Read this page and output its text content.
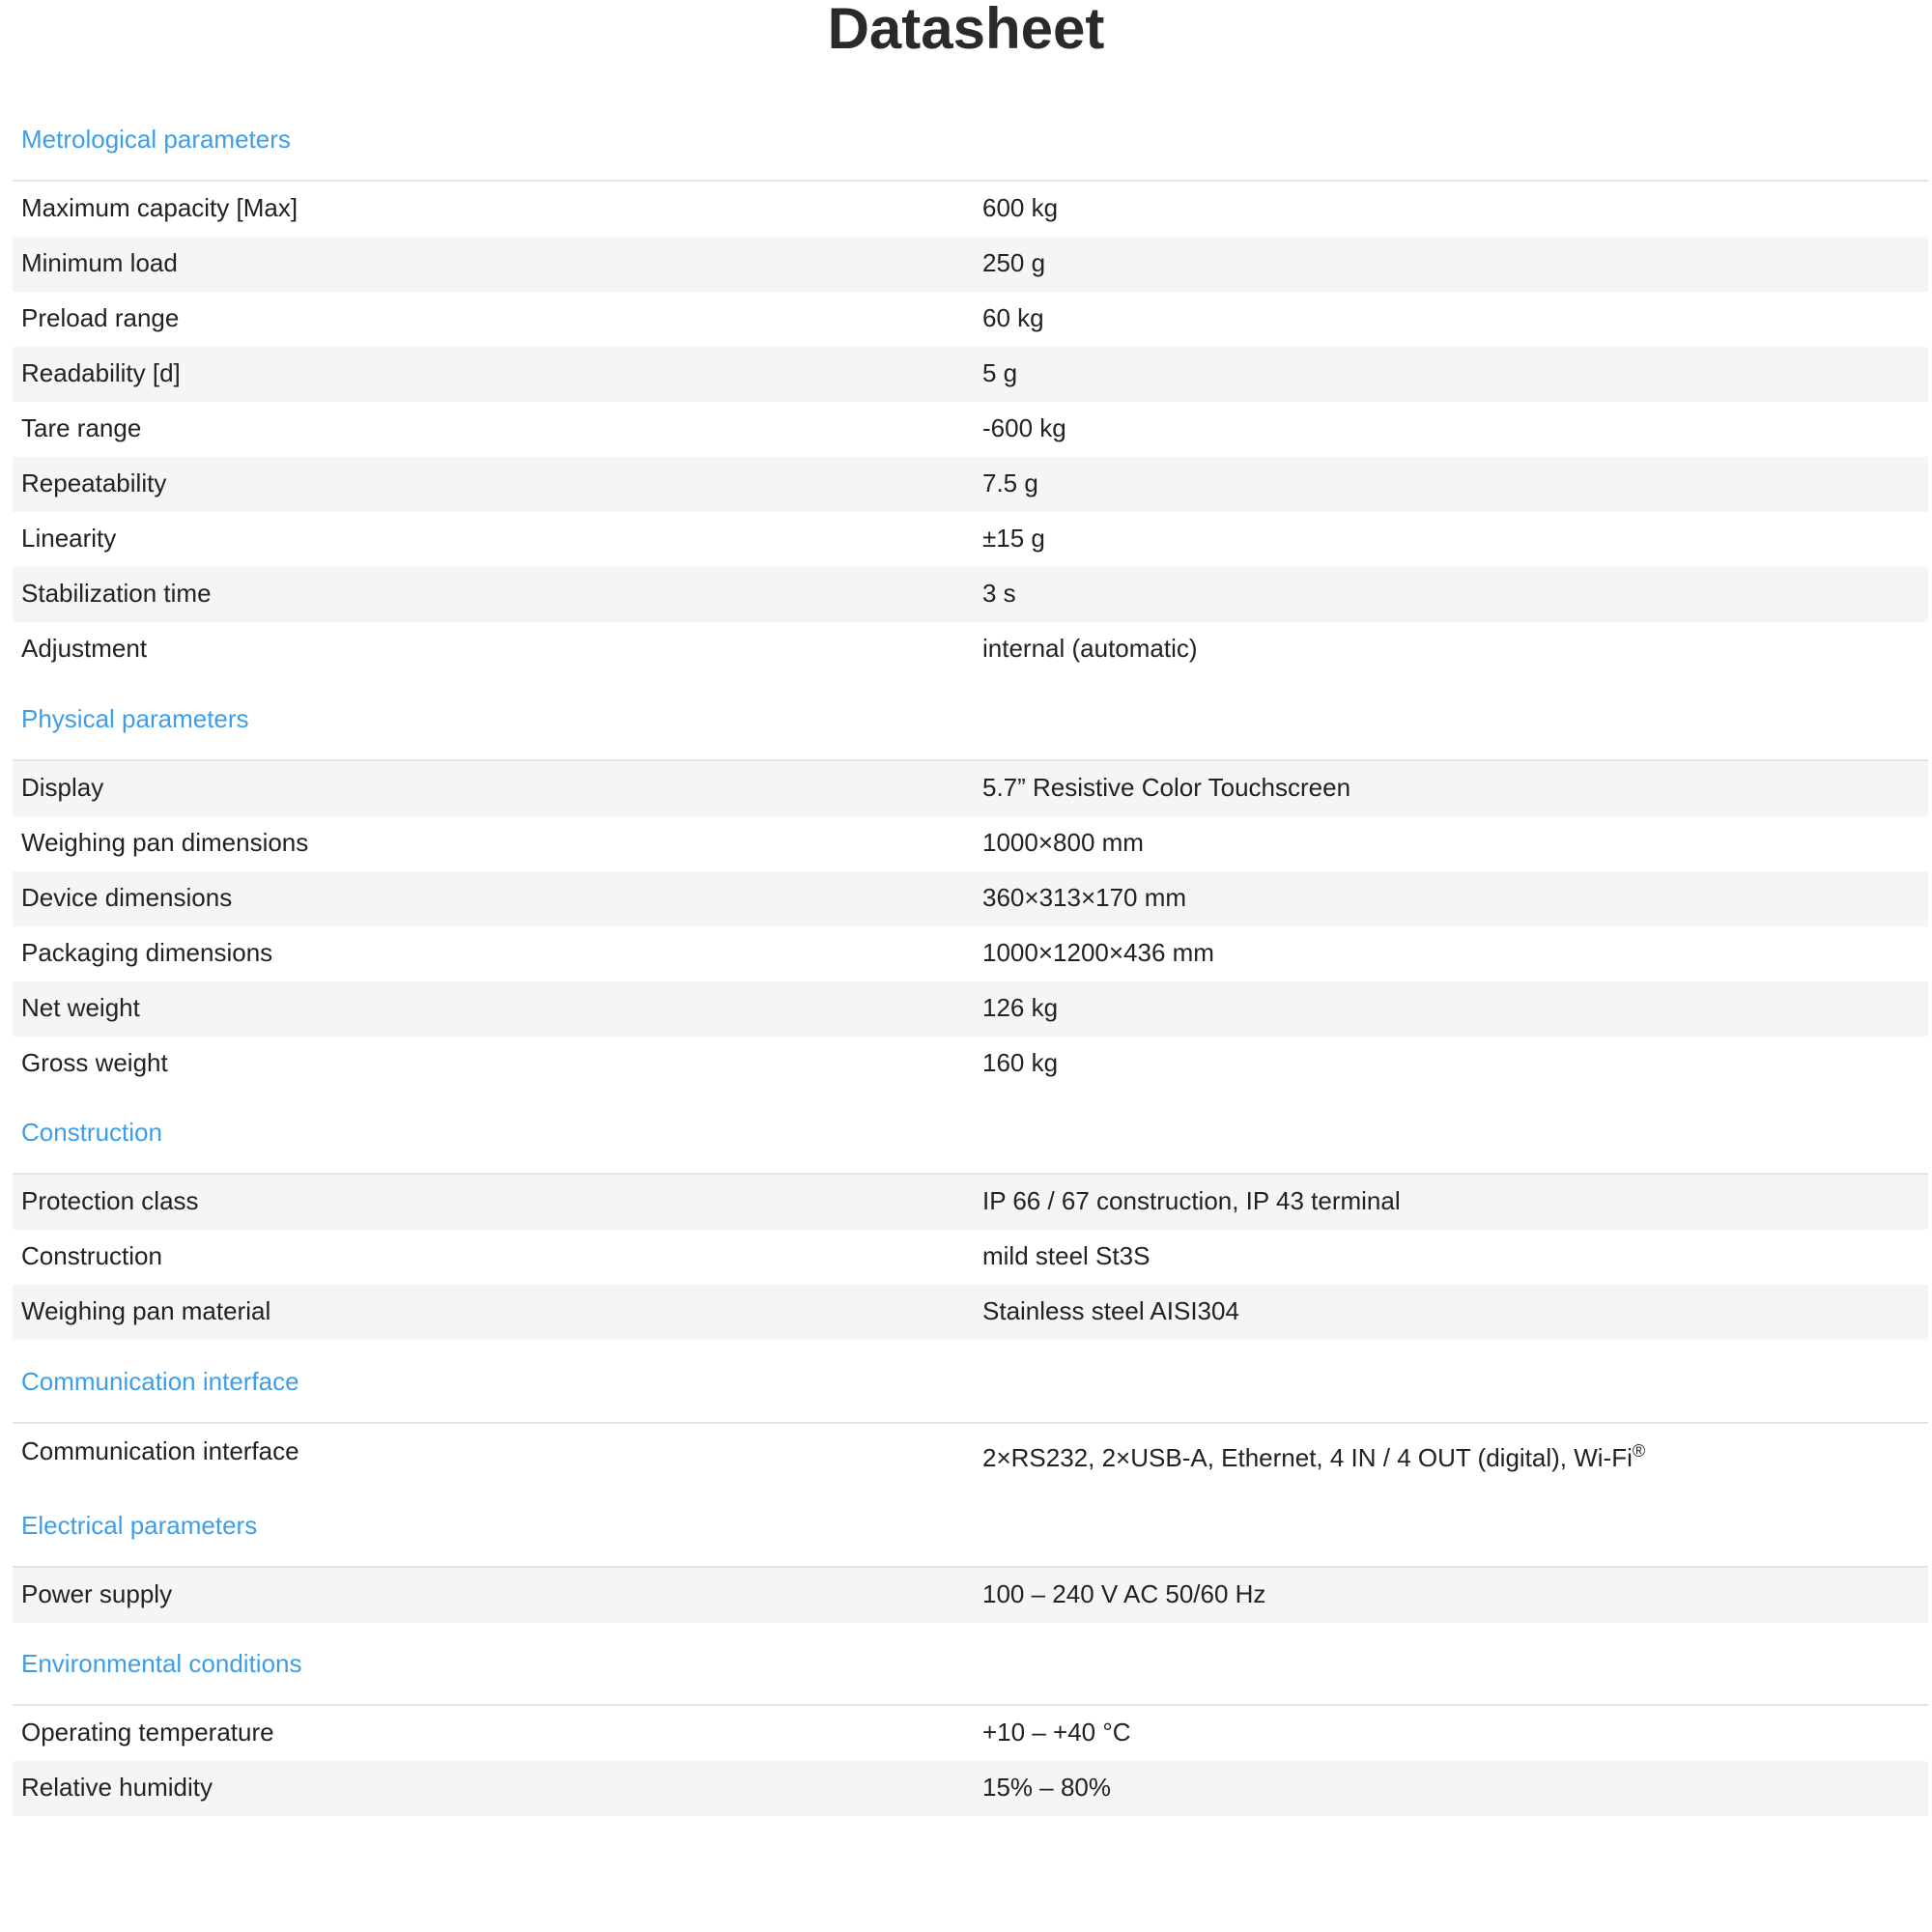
Datasheet
Metrological parameters
Maximum capacity [Max]	600 kg
Minimum load	250 g
Preload range	60 kg
Readability [d]	5 g
Tare range	-600 kg
Repeatability	7.5 g
Linearity	±15 g
Stabilization time	3 s
Adjustment	internal (automatic)
Physical parameters
Display	5.7” Resistive Color Touchscreen
Weighing pan dimensions	1000×800 mm
Device dimensions	360×313×170 mm
Packaging dimensions	1000×1200×436 mm
Net weight	126 kg
Gross weight	160 kg
Construction
Protection class	IP 66 / 67 construction, IP 43 terminal
Construction	mild steel St3S
Weighing pan material	Stainless steel AISI304
Communication interface
Communication interface	2×RS232, 2×USB-A, Ethernet, 4 IN / 4 OUT (digital), Wi-Fi®
Electrical parameters
Power supply	100 – 240 V AC 50/60 Hz
Environmental conditions
Operating temperature	+10 – +40 °C
Relative humidity	15% – 80%
